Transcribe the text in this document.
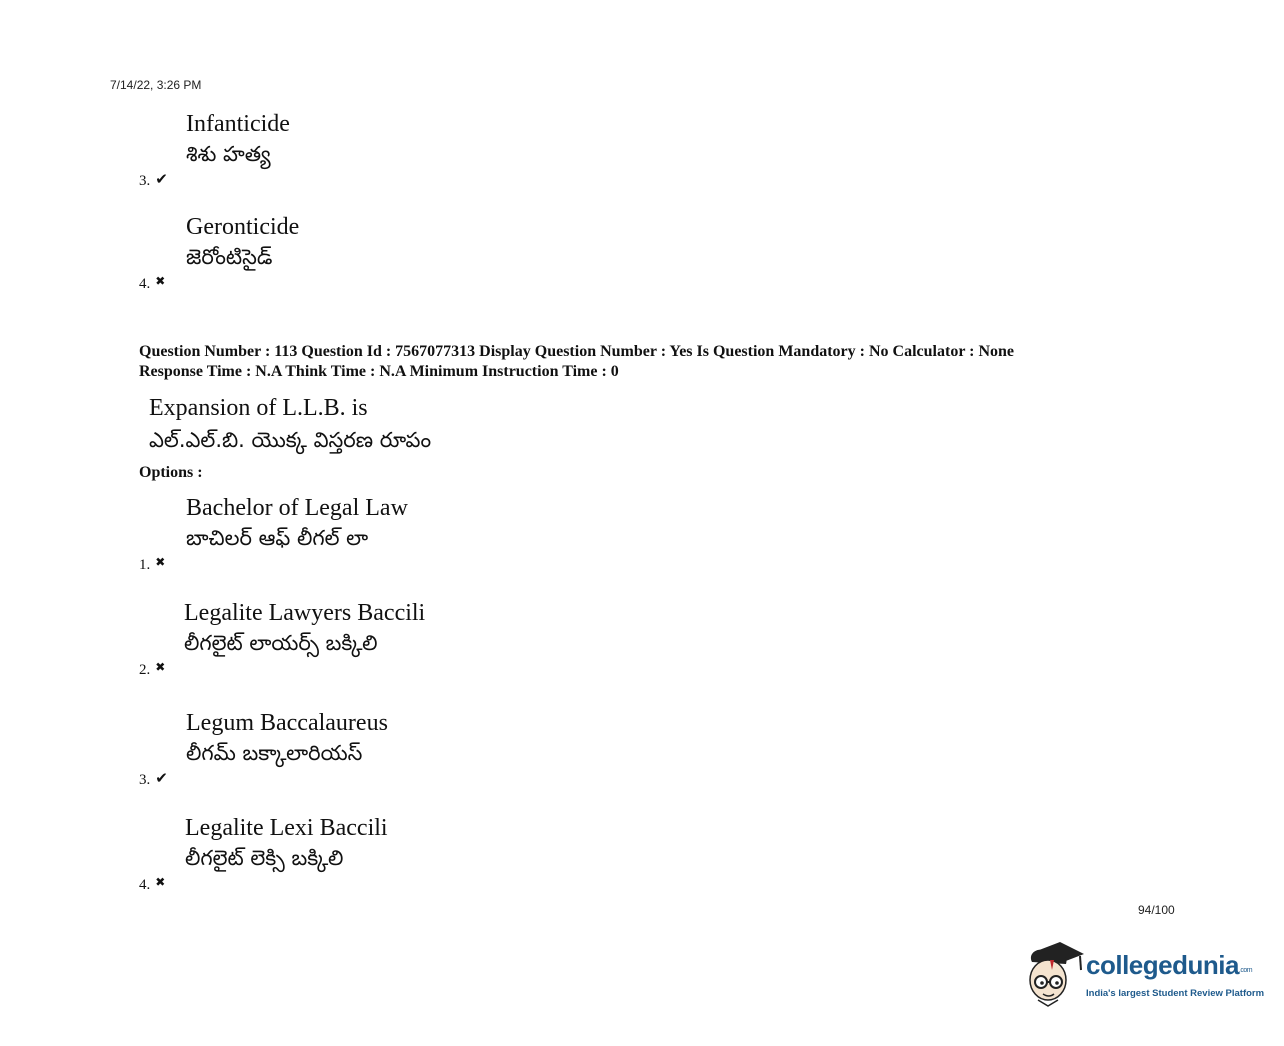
7/14/22, 3:26 PM
Infanticide
శిశు హత్య
3. ✔
Geronticide
జెరోంటిసైడ్
4. ✖
Question Number : 113 Question Id : 7567077313 Display Question Number : Yes Is Question Mandatory : No Calculator : None
Response Time : N.A Think Time : N.A Minimum Instruction Time : 0
Expansion of L.L.B. is
ఎల్.ఎల్.బి. యొక్క విస్తరణ రూపం
Options :
Bachelor of Legal Law
బాచిలర్ ఆఫ్ లీగల్ లా
1. ✖
Legalite Lawyers Baccili
లీగలైట్ లాయర్స్ బక్కిలి
2. ✖
Legum Baccalaureus
లీగమ్ బక్కాలారియస్
3. ✔
Legalite Lexi Baccili
లీగలైట్ లెక్సి బక్కిలి
4. ✖
94/100
collegedunia.com
India's largest Student Review Platform
